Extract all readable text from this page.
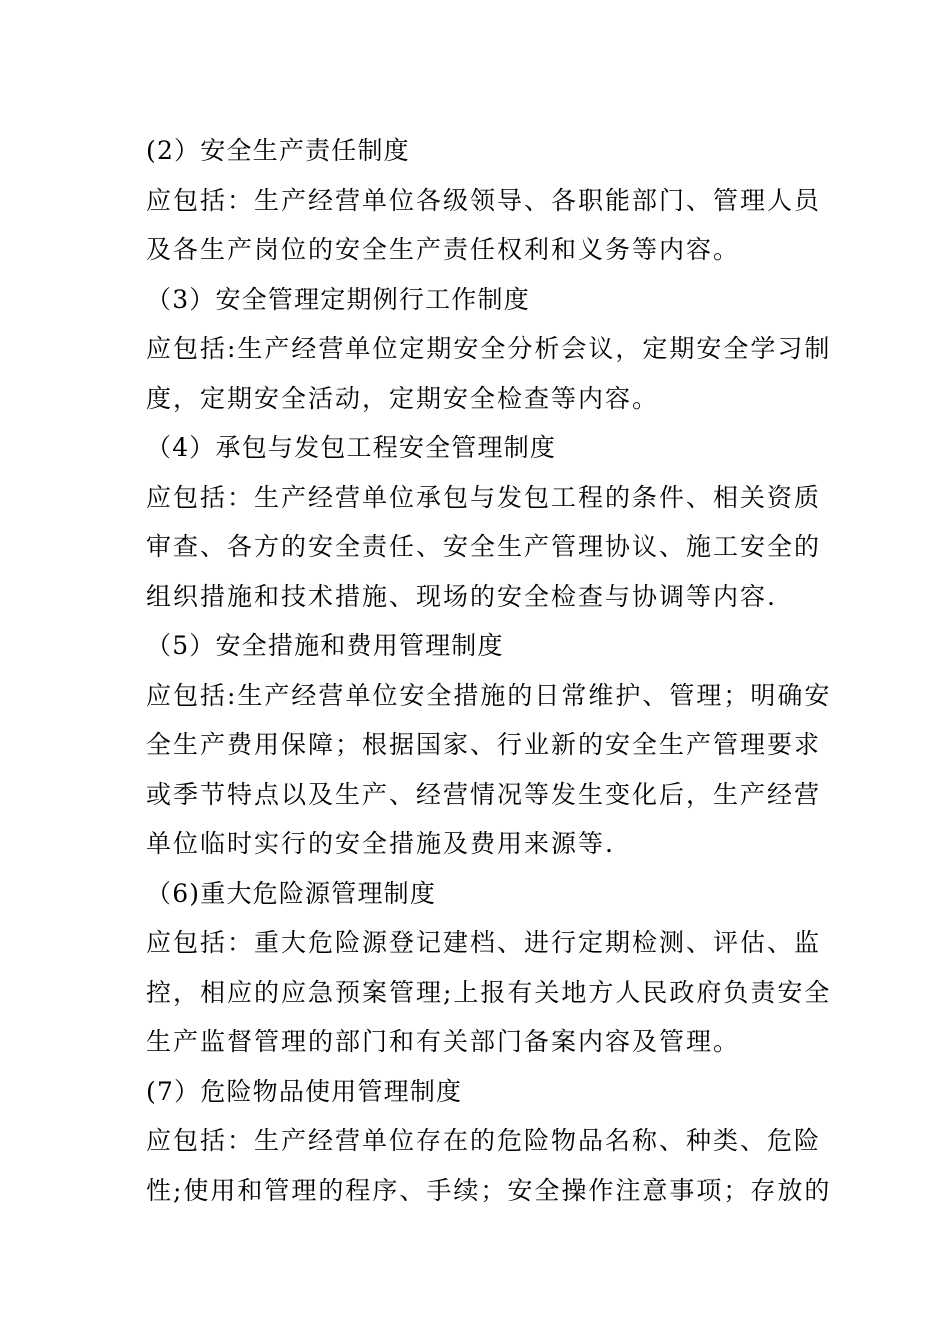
(2）安全生产责任制度
应包括：生产经营单位各级领导、各职能部门、管理人员
及各生产岗位的安全生产责任权利和义务等内容。
（3）安全管理定期例行工作制度
应包括:生产经营单位定期安全分析会议，定期安全学习制
度，定期安全活动，定期安全检查等内容。
（4）承包与发包工程安全管理制度
应包括：生产经营单位承包与发包工程的条件、相关资质
审查、各方的安全责任、安全生产管理协议、施工安全的
组织措施和技术措施、现场的安全检查与协调等内容.
（5）安全措施和费用管理制度
应包括:生产经营单位安全措施的日常维护、管理；明确安
全生产费用保障；根据国家、行业新的安全生产管理要求
或季节特点以及生产、经营情况等发生变化后，生产经营
单位临时实行的安全措施及费用来源等.
（6)重大危险源管理制度
应包括：重大危险源登记建档、进行定期检测、评估、监
控，相应的应急预案管理;上报有关地方人民政府负责安全
生产监督管理的部门和有关部门备案内容及管理。
(7）危险物品使用管理制度
应包括：生产经营单位存在的危险物品名称、种类、危险
性;使用和管理的程序、手续；安全操作注意事项；存放的
